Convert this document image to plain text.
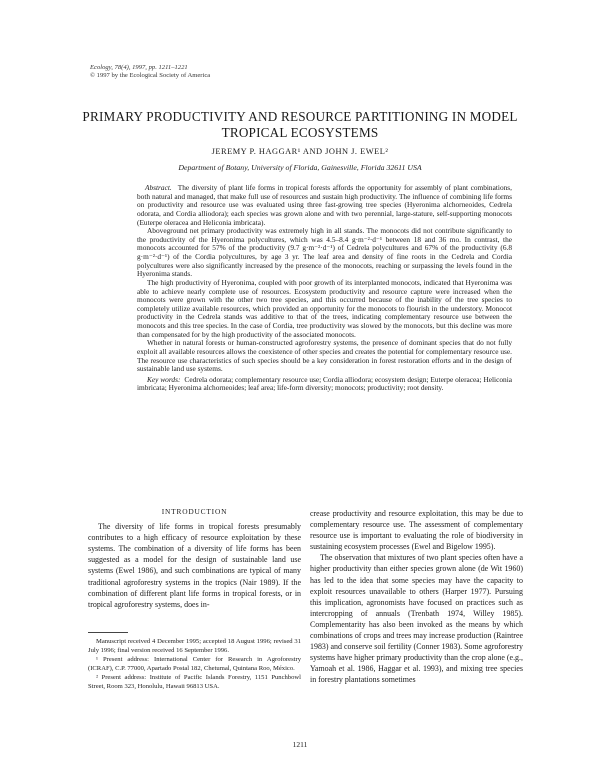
Ecology, 78(4), 1997, pp. 1211–1221
© 1997 by the Ecological Society of America
PRIMARY PRODUCTIVITY AND RESOURCE PARTITIONING IN MODEL
TROPICAL ECOSYSTEMS
JEREMY P. HAGGAR¹ AND JOHN J. EWEL²
Department of Botany, University of Florida, Gainesville, Florida 32611 USA

Abstract. The diversity of plant life forms in tropical forests affords the opportunity for assembly of plant combinations, both natural and managed, that make full use of resources and sustain high productivity. The influence of combining life forms on productivity and resource use was evaluated using three fast-growing tree species (Hyeronima alchorneoides, Cedrela odorata, and Cordia alliodora); each species was grown alone and with two perennial, large-stature, self-supporting monocots (Euterpe oleracea and Heliconia imbricata).

Aboveground net primary productivity was extremely high in all stands. The monocots did not contribute significantly to the productivity of the Hyeronima polycultures, which was 4.5–8.4 g·m⁻²·d⁻¹ between 18 and 36 mo. In contrast, the monocots accounted for 57% of the productivity (9.7 g·m⁻²·d⁻¹) of Cedrela polycultures and 67% of the productivity (6.8 g·m⁻²·d⁻¹) of the Cordia polycultures, by age 3 yr. The leaf area and density of fine roots in the Cedrela and Cordia polycultures were also significantly increased by the presence of the monocots, reaching or surpassing the levels found in the Hyeronima stands.

The high productivity of Hyeronima, coupled with poor growth of its interplanted monocots, indicated that Hyeronima was able to achieve nearly complete use of resources. Ecosystem productivity and resource capture were increased when the monocots were grown with the other two tree species, and this occurred because of the inability of the tree species to completely utilize available resources, which provided an opportunity for the monocots to flourish in the understory. Monocot productivity in the Cedrela stands was additive to that of the trees, indicating complementary resource use between the monocots and this tree species. In the case of Cordia, tree productivity was slowed by the monocots, but this decline was more than compensated for by the high productivity of the associated monocots.

Whether in natural forests or human-constructed agroforestry systems, the presence of dominant species that do not fully exploit all available resources allows the coexistence of other species and creates the potential for complementary resource use. The resource use characteristics of such species should be a key consideration in forest restoration efforts and in the design of sustainable land use systems.

Key words: Cedrela odorata; complementary resource use; Cordia alliodora; ecosystem design; Euterpe oleracea; Heliconia imbricata; Hyeronima alchorneoides; leaf area; life-form diversity; monocots; productivity; root density.

INTRODUCTION

The diversity of life forms in tropical forests presumably contributes to a high efficacy of resource exploitation by these systems. The combination of a diversity of life forms has been suggested as a model for the design of sustainable land use systems (Ewel 1986), and such combinations are typical of many traditional agroforestry systems in the tropics (Nair 1989). If the combination of different plant life forms in tropical forests, or in tropical agroforestry systems, does in-

Manuscript received 4 December 1995; accepted 18 August 1996; revised 31 July 1996; final version received 16 September 1996.

¹ Present address: International Center for Research in Agroforestry (ICRAF), C.P. 77000, Apartado Postal 182, Chetumal, Quintana Roo, México.

² Present address: Institute of Pacific Islands Forestry, 1151 Punchbowl Street, Room 323, Honolulu, Hawaii 96813 USA.

crease productivity and resource exploitation, this may be due to complementary resource use. The assessment of complementary resource use is important to evaluating the role of biodiversity in sustaining ecosystem processes (Ewel and Bigelow 1995).

The observation that mixtures of two plant species often have a higher productivity than either species grown alone (de Wit 1960) has led to the idea that some species may have the capacity to exploit resources unavailable to others (Harper 1977). Pursuing this implication, agronomists have focused on practices such as intercropping of annuals (Trenbath 1974, Willey 1985). Complementarity has also been invoked as the means by which combinations of crops and trees may increase production (Raintree 1983) and conserve soil fertility (Conner 1983). Some agroforestry systems have higher primary productivity than the crop alone (e.g., Yamoah et al. 1986, Haggar et al. 1993), and mixing tree species in forestry plantations sometimes

1211
